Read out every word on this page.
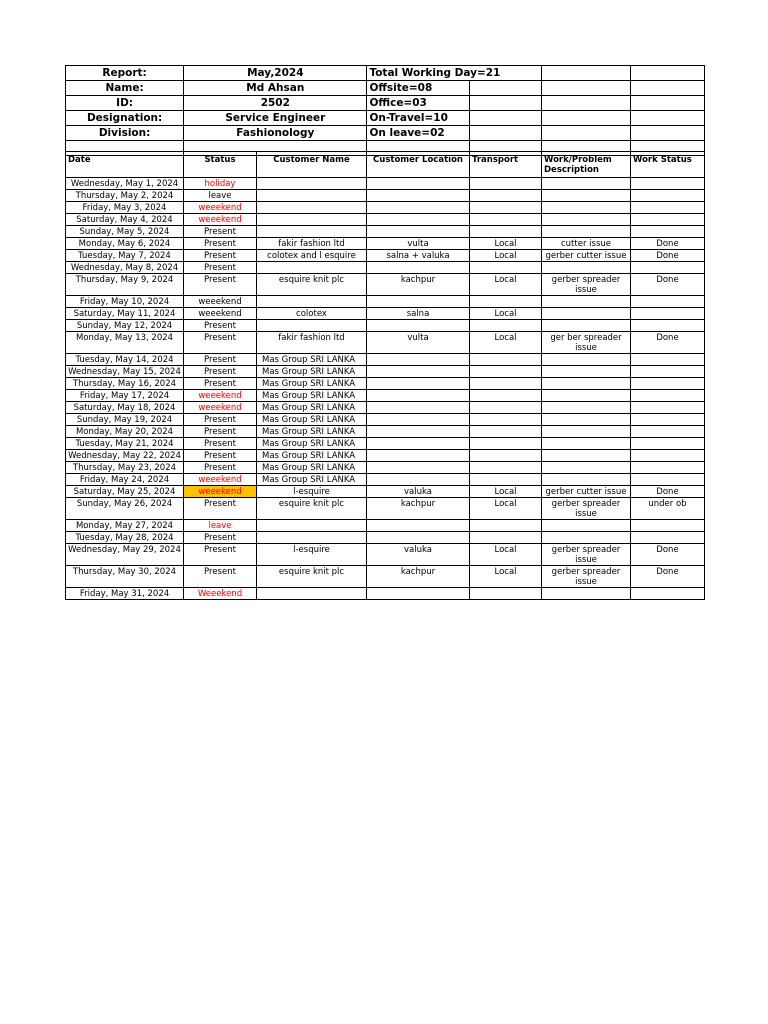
Report:	May,2024	Total Working Day=21			
Name:	Md Ahsan	Offsite=08			
ID:	2502	Office=03			
Designation:	Service Engineer	On-Travel=10			
Division:	Fashionology	On leave=02			

Date	Status	Customer Name	Customer Location	Transport	Work/Problem Description	Work Status
Wednesday, May 1, 2024	holiday					
Thursday, May 2, 2024	leave					
Friday, May 3, 2024	weeekend					
Saturday, May 4, 2024	weeekend					
Sunday, May 5, 2024	Present					
Monday, May 6, 2024	Present	fakir fashion ltd	vulta	Local	cutter issue	Done
Tuesday, May 7, 2024	Present	colotex and l esquire	salna + valuka	Local	gerber cutter issue	Done
Wednesday, May 8, 2024	Present					
Thursday, May 9, 2024	Present	esquire knit plc	kachpur	Local	gerber spreader issue	Done
Friday, May 10, 2024	weeekend					
Saturday, May 11, 2024	weeekend	colotex	salna	Local		
Sunday, May 12, 2024	Present					
Monday, May 13, 2024	Present	fakir fashion ltd	vulta	Local	ger ber spreader issue	Done
Tuesday, May 14, 2024	Present	Mas Group SRI LANKA				
Wednesday, May 15, 2024	Present	Mas Group SRI LANKA				
Thursday, May 16, 2024	Present	Mas Group SRI LANKA				
Friday, May 17, 2024	weeekend	Mas Group SRI LANKA				
Saturday, May 18, 2024	weeekend	Mas Group SRI LANKA				
Sunday, May 19, 2024	Present	Mas Group SRI LANKA				
Monday, May 20, 2024	Present	Mas Group SRI LANKA				
Tuesday, May 21, 2024	Present	Mas Group SRI LANKA				
Wednesday, May 22, 2024	Present	Mas Group SRI LANKA				
Thursday, May 23, 2024	Present	Mas Group SRI LANKA				
Friday, May 24, 2024	weeekend	Mas Group SRI LANKA				
Saturday, May 25, 2024	weeekend	l-esquire	valuka	Local	gerber cutter issue	Done
Sunday, May 26, 2024	Present	esquire knit plc	kachpur	Local	gerber spreader issue	under ob
Monday, May 27, 2024	leave					
Tuesday, May 28, 2024	Present					
Wednesday, May 29, 2024	Present	l-esquire	valuka	Local	gerber spreader issue	Done
Thursday, May 30, 2024	Present	esquire knit plc	kachpur	Local	gerber spreader issue	Done
Friday, May 31, 2024	Weeekend					
